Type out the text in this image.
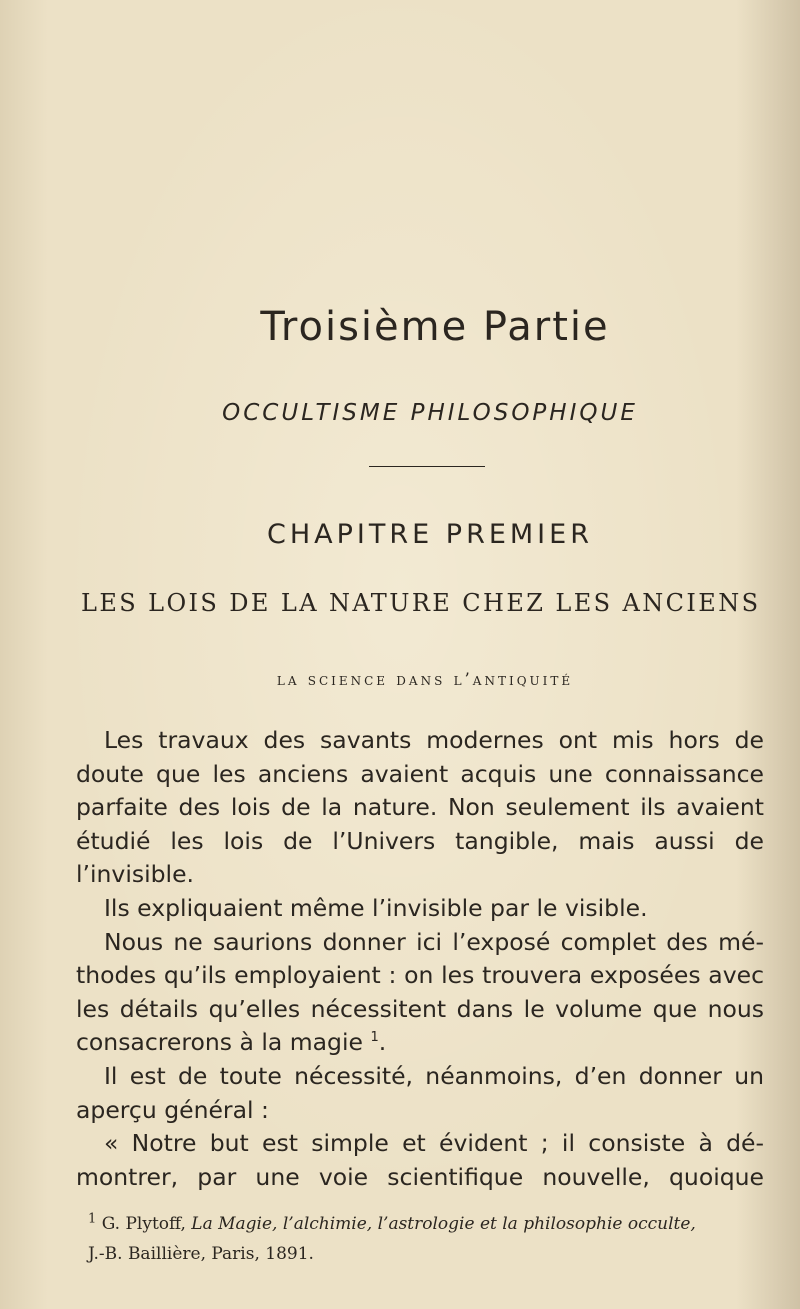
Troisième Partie
OCCULTISME PHILOSOPHIQUE
CHAPITRE PREMIER
LES LOIS DE LA NATURE CHEZ LES ANCIENS
la science dans l’antiquité
Les travaux des savants modernes ont mis hors de
doute que les anciens avaient acquis une connaissance
parfaite des lois de la nature. Non seulement ils avaient
étudié les lois de l’Univers tangible, mais aussi de
l’invisible.
Ils expliquaient même l’invisible par le visible.
Nous ne saurions donner ici l’exposé complet des mé-
thodes qu’ils employaient : on les trouvera exposées avec
les détails qu’elles nécessitent dans le volume que nous
consacrerons à la magie $^1$.
Il est de toute nécessité, néanmoins, d’en donner un
aperçu général :
« Notre but est simple et évident ; il consiste à dé-
montrer, par une voie scientifique nouvelle, quoique
$^1$ G. Plytoff, La Magie, l’alchimie, l’astrologie et la philosophie occulte,
J.-B. Baillière, Paris, 1891.
